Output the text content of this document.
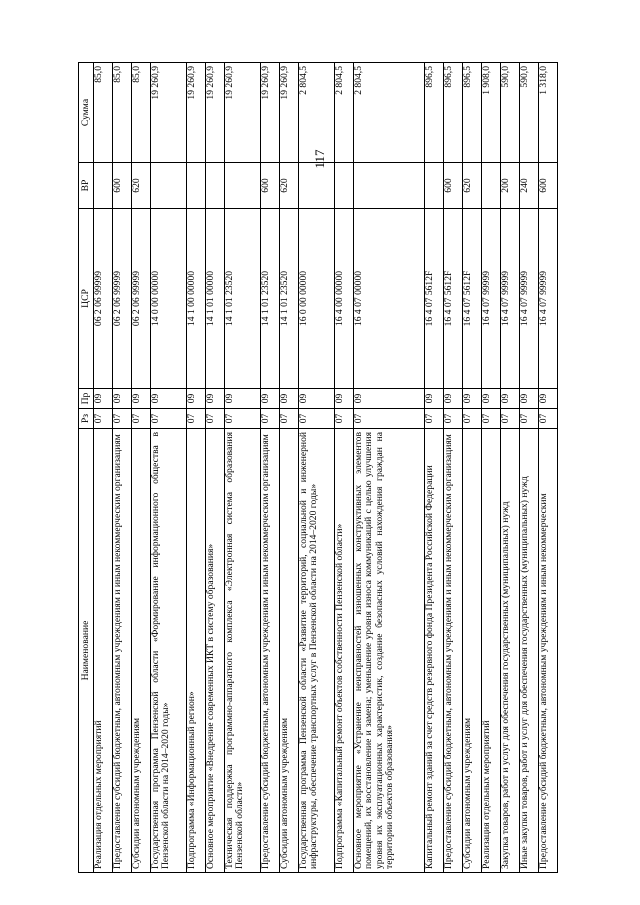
117
Наименование	Рз	Пр	ЦСР	ВР	Сумма
Реализация отдельных мероприятий	07	09	06 2 06 99999		85,0
Предоставление субсидий бюджетным, автономным учреждениям и иным некоммерческим организациям	07	09	06 2 06 99999	600	85,0
Субсидии автономным учреждениям	07	09	06 2 06 99999	620	85,0
Государственная программа Пензенской области «Формирование информационного общества в Пензенской области на 2014–2020 годы»	07	09	14 0 00 00000		19 260,9
Подпрограмма «Информационный регион»	07	09	14 1 00 00000		19 260,9
Основное мероприятие «Внедрение современных ИКТ в систему образования»	07	09	14 1 01 00000		19 260,9
Техническая поддержка программно-аппаратного комплекса «Электронная система образования Пензенской области»	07	09	14 1 01 23520		19 260,9
Предоставление субсидий бюджетным, автономным учреждениям и иным некоммерческим организациям	07	09	14 1 01 23520	600	19 260,9
Субсидии автономным учреждениям	07	09	14 1 01 23520	620	19 260,9
Государственная программа Пензенской области «Развитие территорий, социальной и инженерной инфраструктуры, обеспечение транспортных услуг в Пензенской области на 2014–2020 годы»	07	09	16 0 00 00000		2 804,5
Подпрограмма «Капитальный ремонт объектов собственности Пензенской области»	07	09	16 4 00 00000		2 804,5
Основное мероприятие «Устранение неисправностей изношенных конструктивных элементов помещений, их восстановление и замена; уменьшение уровня износа коммуникаций с целью улучшения уровня их эксплуатационных характеристик, создание безопасных условий нахождения граждан на территории объектов образования»	07	09	16 4 07 00000		2 804,5
Капитальный ремонт зданий за счет средств резервного фонда Президента Российской Федерации	07	09	16 4 07 5612F		896,5
Предоставление субсидий бюджетным, автономным учреждениям и иным некоммерческим организациям	07	09	16 4 07 5612F	600	896,5
Субсидии автономным учреждениям	07	09	16 4 07 5612F	620	896,5
Реализация отдельных мероприятий	07	09	16 4 07 99999		1 908,0
Закупка товаров, работ и услуг для обеспечения государственных (муниципальных) нужд	07	09	16 4 07 99999	200	590,0
Иные закупки товаров, работ и услуг для обеспечения государственных (муниципальных) нужд	07	09	16 4 07 99999	240	590,0
Предоставление субсидий бюджетным, автономным учреждениям и иным некоммерческим	07	09	16 4 07 99999	600	1 318,0
